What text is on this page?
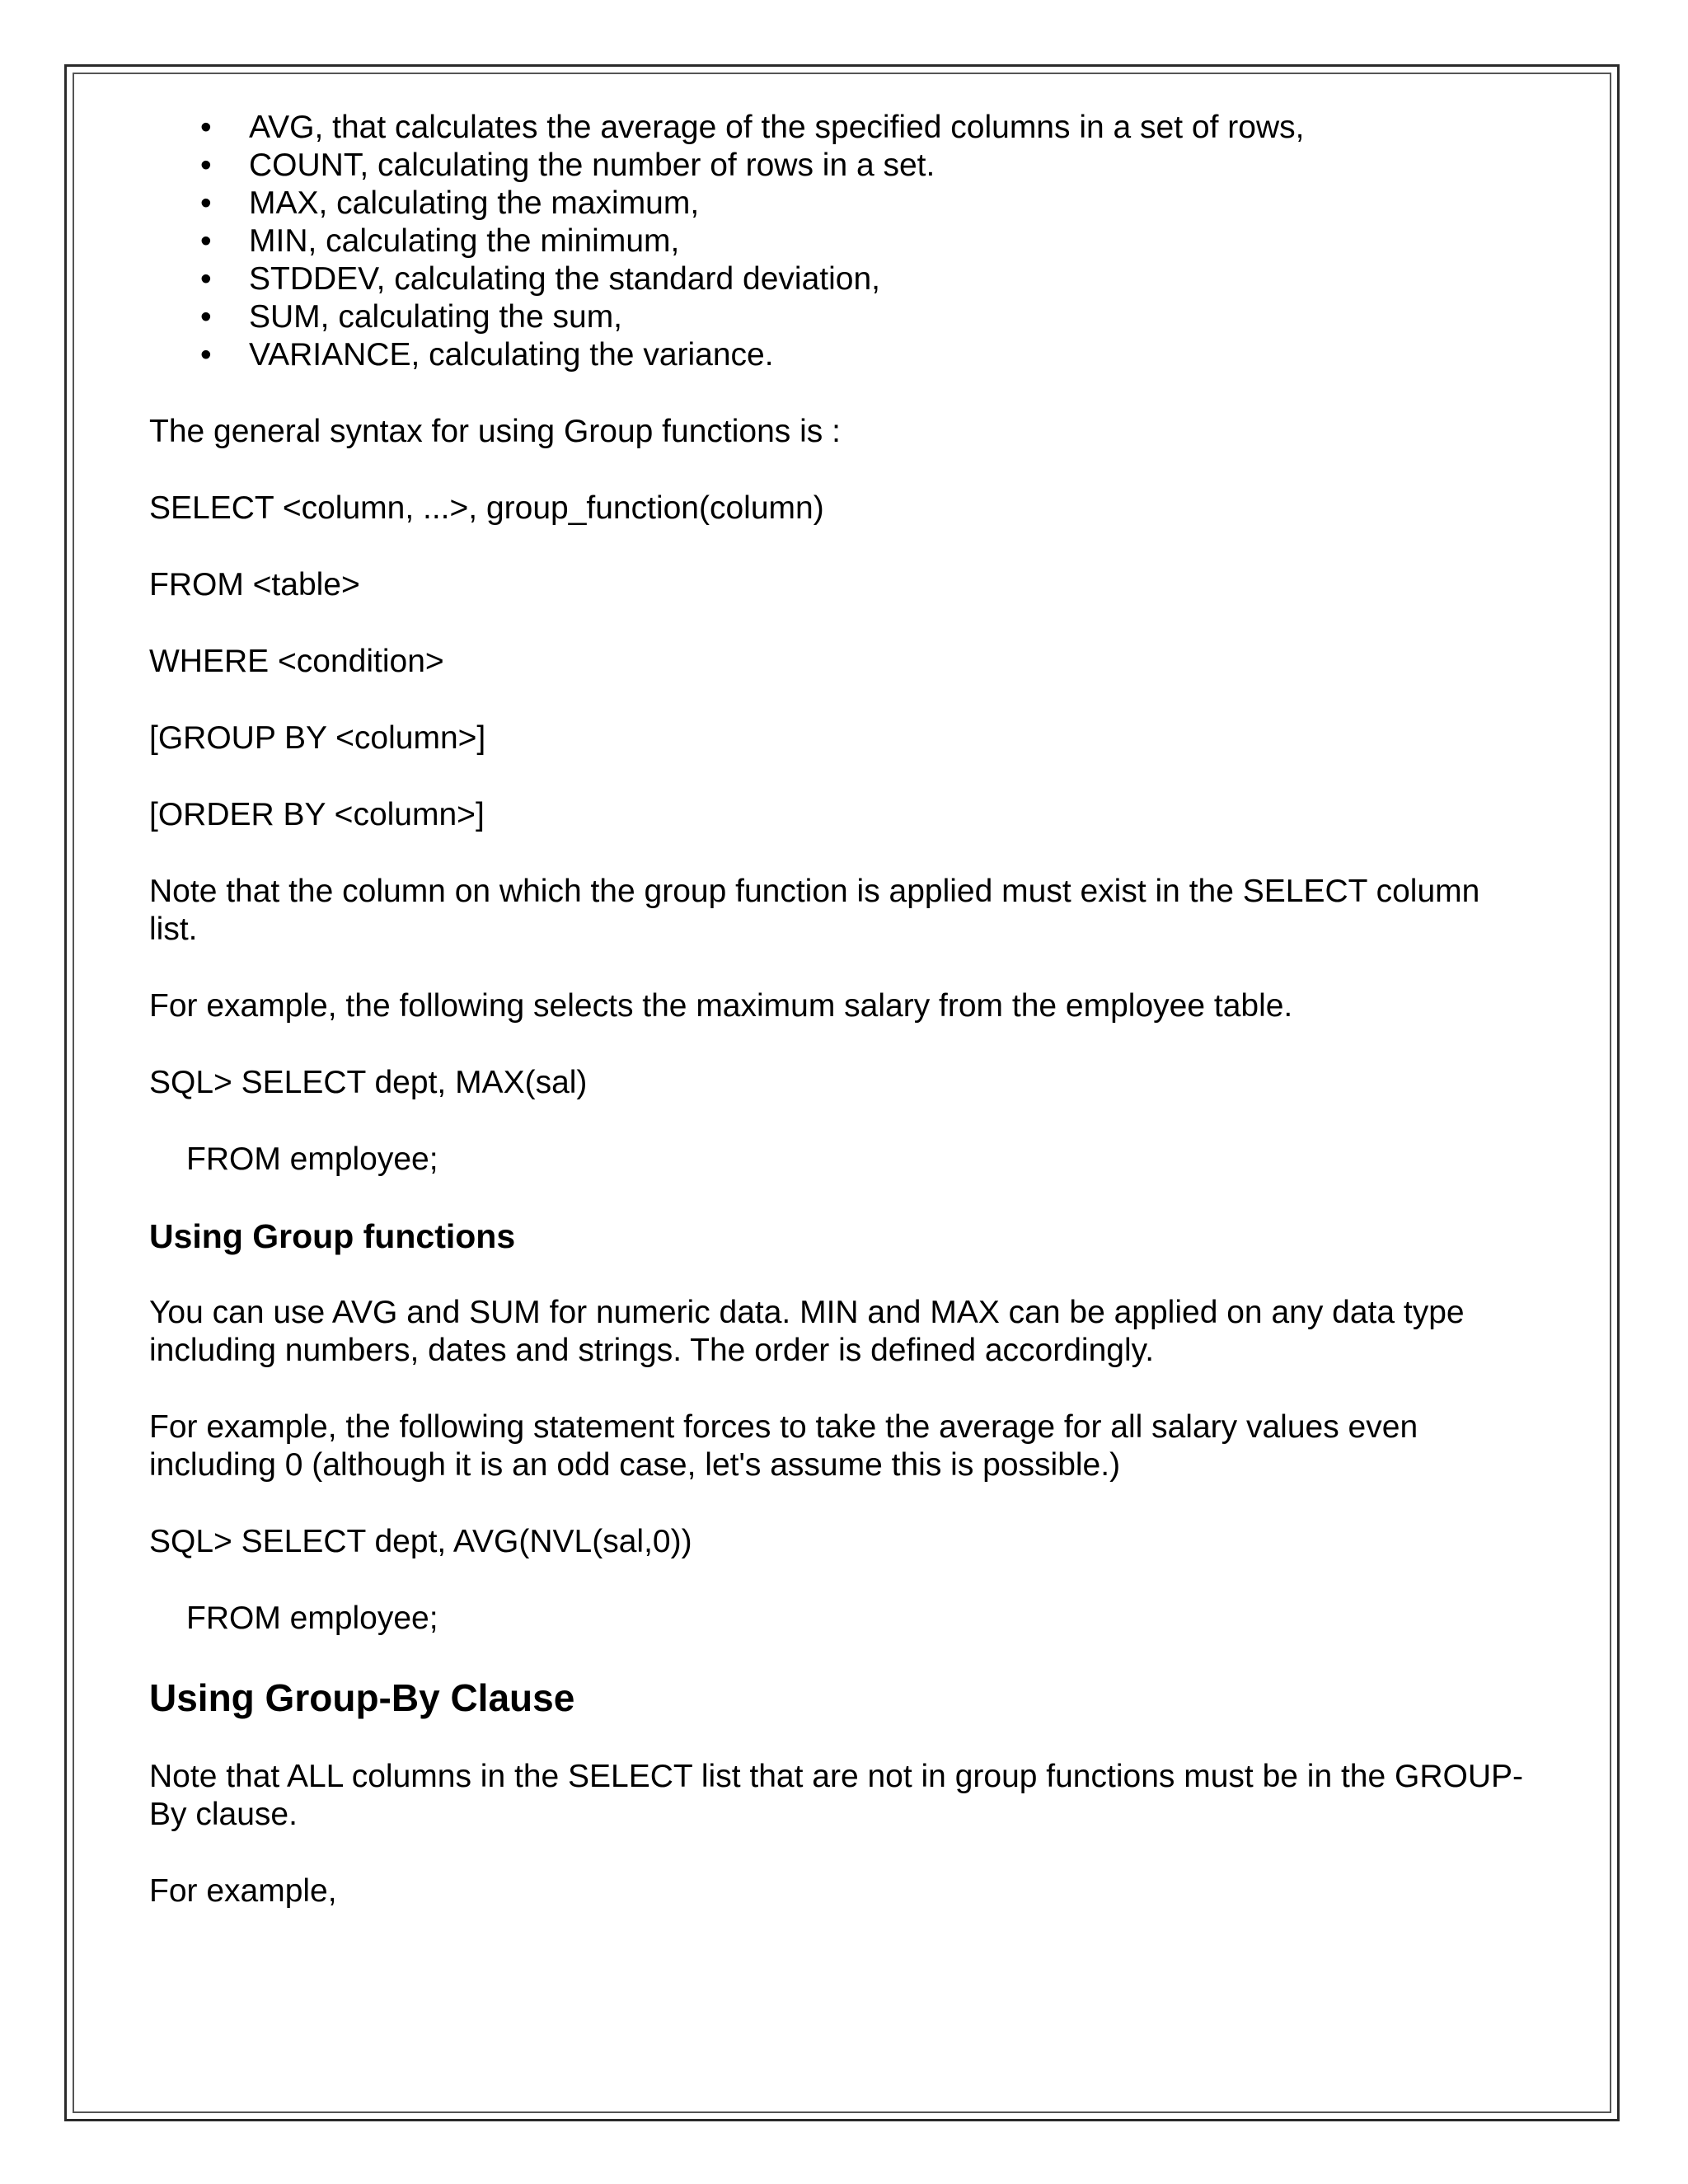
• AVG, that calculates the average of the specified columns in a set of rows,
• COUNT, calculating the number of rows in a set.
• MAX, calculating the maximum,
• MIN, calculating the minimum,
• STDDEV, calculating the standard deviation,
• SUM, calculating the sum,
• VARIANCE, calculating the variance.

The general syntax for using Group functions is :

SELECT <column, ...>, group_function(column)

FROM <table>

WHERE <condition>

[GROUP BY <column>]

[ORDER BY <column>]

Note that the column on which the group function is applied must exist in the SELECT column list.

For example, the following selects the maximum salary from the employee table.

SQL> SELECT dept, MAX(sal)

FROM employee;

Using Group functions

You can use AVG and SUM for numeric data. MIN and MAX can be applied on any data type including numbers, dates and strings. The order is defined accordingly.

For example, the following statement forces to take the average for all salary values even including 0 (although it is an odd case, let's assume this is possible.)

SQL> SELECT dept, AVG(NVL(sal,0))

FROM employee;

Using Group-By Clause

Note that ALL columns in the SELECT list that are not in group functions must be in the GROUP-By clause.

For example,
